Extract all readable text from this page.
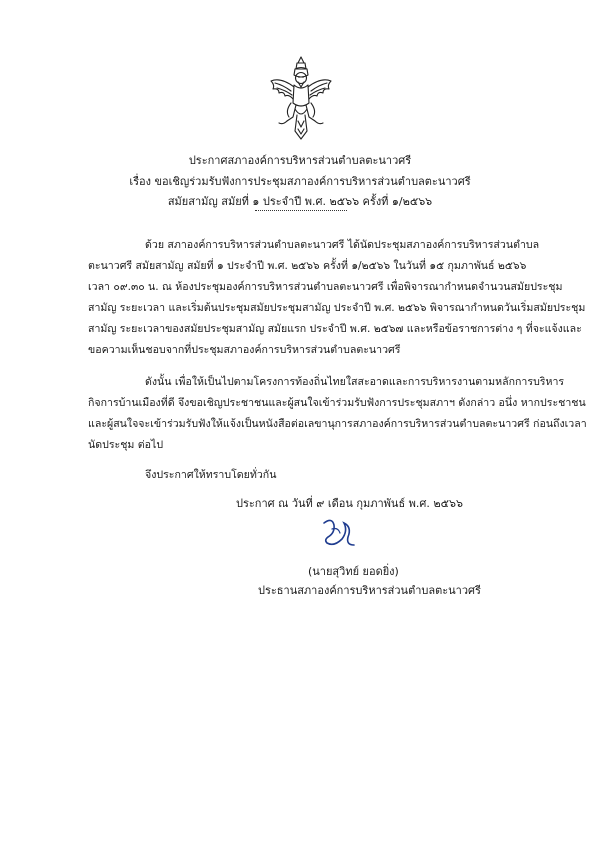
ประกาศสภาองค์การบริหารส่วนตำบลตะนาวศรี
เรื่อง ขอเชิญร่วมรับฟังการประชุมสภาองค์การบริหารส่วนตำบลตะนาวศรี
สมัยสามัญ สมัยที่ ๑ ประจำปี พ.ศ. ๒๕๖๖ ครั้งที่ ๑/๒๕๖๖
ด้วย สภาองค์การบริหารส่วนตำบลตะนาวศรี ได้นัดประชุมสภาองค์การบริหารส่วนตำบล
ตะนาวศรี สมัยสามัญ สมัยที่ ๑ ประจำปี พ.ศ. ๒๕๖๖ ครั้งที่ ๑/๒๕๖๖ ในวันที่ ๑๕ กุมภาพันธ์ ๒๕๖๖
เวลา ๐๙.๓๐ น. ณ ห้องประชุมองค์การบริหารส่วนตำบลตะนาวศรี เพื่อพิจารณากำหนดจำนวนสมัยประชุม
สามัญ ระยะเวลา และเริ่มต้นประชุมสมัยประชุมสามัญ ประจำปี พ.ศ. ๒๕๖๖ พิจารณากำหนดวันเริ่มสมัยประชุม
สามัญ ระยะเวลาของสมัยประชุมสามัญ สมัยแรก ประจำปี พ.ศ. ๒๕๖๗ และหรือข้อราชการต่าง ๆ ที่จะแจ้งและ
ขอความเห็นชอบจากที่ประชุมสภาองค์การบริหารส่วนตำบลตะนาวศรี
ดังนั้น เพื่อให้เป็นไปตามโครงการท้องถิ่นไทยใสสะอาดและการบริหารงานตามหลักการบริหาร
กิจการบ้านเมืองที่ดี จึงขอเชิญประชาชนและผู้สนใจเข้าร่วมรับฟังการประชุมสภาฯ ดังกล่าว อนึ่ง หากประชาชน
และผู้สนใจจะเข้าร่วมรับฟังให้แจ้งเป็นหนังสือต่อเลขานุการสภาองค์การบริหารส่วนตำบลตะนาวศรี ก่อนถึงเวลา
นัดประชุม ต่อไป
จึงประกาศให้ทราบโดยทั่วกัน
ประกาศ ณ วันที่ ๙ เดือน กุมภาพันธ์ พ.ศ. ๒๕๖๖
(นายสุวิทย์ ยอดยิ่ง)
ประธานสภาองค์การบริหารส่วนตำบลตะนาวศรี
